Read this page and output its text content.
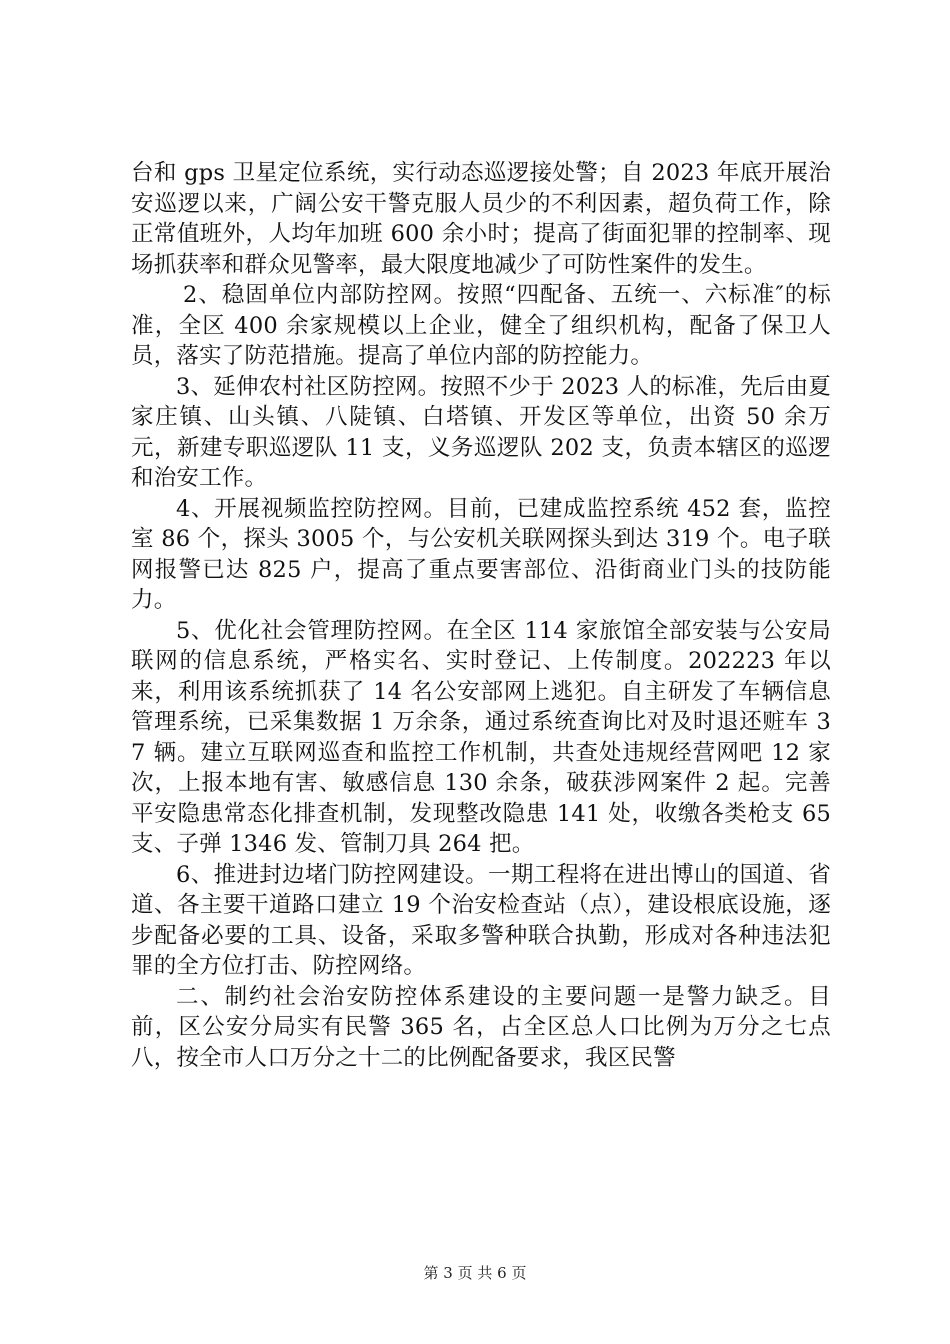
台和 gps 卫星定位系统，实行动态巡逻接处警；自 2023 年底开展治安巡逻以来，广阔公安干警克服人员少的不利因素，超负荷工作，除正常值班外，人均年加班 600 余小时；提高了街面犯罪的控制率、现场抓获率和群众见警率，最大限度地减少了可防性案件的发生。

2、稳固单位内部防控网。按照“四配备、五统一、六标准″的标准，全区 400 余家规模以上企业，健全了组织机构，配备了保卫人员，落实了防范措施。提高了单位内部的防控能力。

3、延伸农村社区防控网。按照不少于 2023 人的标准，先后由夏家庄镇、山头镇、八陡镇、白塔镇、开发区等单位，出资 50 余万元，新建专职巡逻队 11 支，义务巡逻队 202 支，负责本辖区的巡逻和治安工作。

4、开展视频监控防控网。目前，已建成监控系统 452 套，监控室 86 个，探头 3005 个，与公安机关联网探头到达 319 个。电子联网报警已达 825 户，提高了重点要害部位、沿街商业门头的技防能力。

5、优化社会管理防控网。在全区 114 家旅馆全部安装与公安局联网的信息系统，严格实名、实时登记、上传制度。202223 年以来，利用该系统抓获了 14 名公安部网上逃犯。自主研发了车辆信息管理系统，已采集数据 1 万余条，通过系统查询比对及时退还赃车 37 辆。建立互联网巡查和监控工作机制，共查处违规经营网吧 12 家次，上报本地有害、敏感信息 130 余条，破获涉网案件 2 起。完善平安隐患常态化排查机制，发现整改隐患 141 处，收缴各类枪支 65 支、子弹 1346 发、管制刀具 264 把。

6、推进封边堵门防控网建设。一期工程将在进出博山的国道、省道、各主要干道路口建立 19 个治安检查站（点），建设根底设施，逐步配备必要的工具、设备，采取多警种联合执勤，形成对各种违法犯罪的全方位打击、防控网络。

二、制约社会治安防控体系建设的主要问题一是警力缺乏。目前，区公安分局实有民警 365 名，占全区总人口比例为万分之七点八，按全市人口万分之十二的比例配备要求，我区民警

第 3 页 共 6 页
